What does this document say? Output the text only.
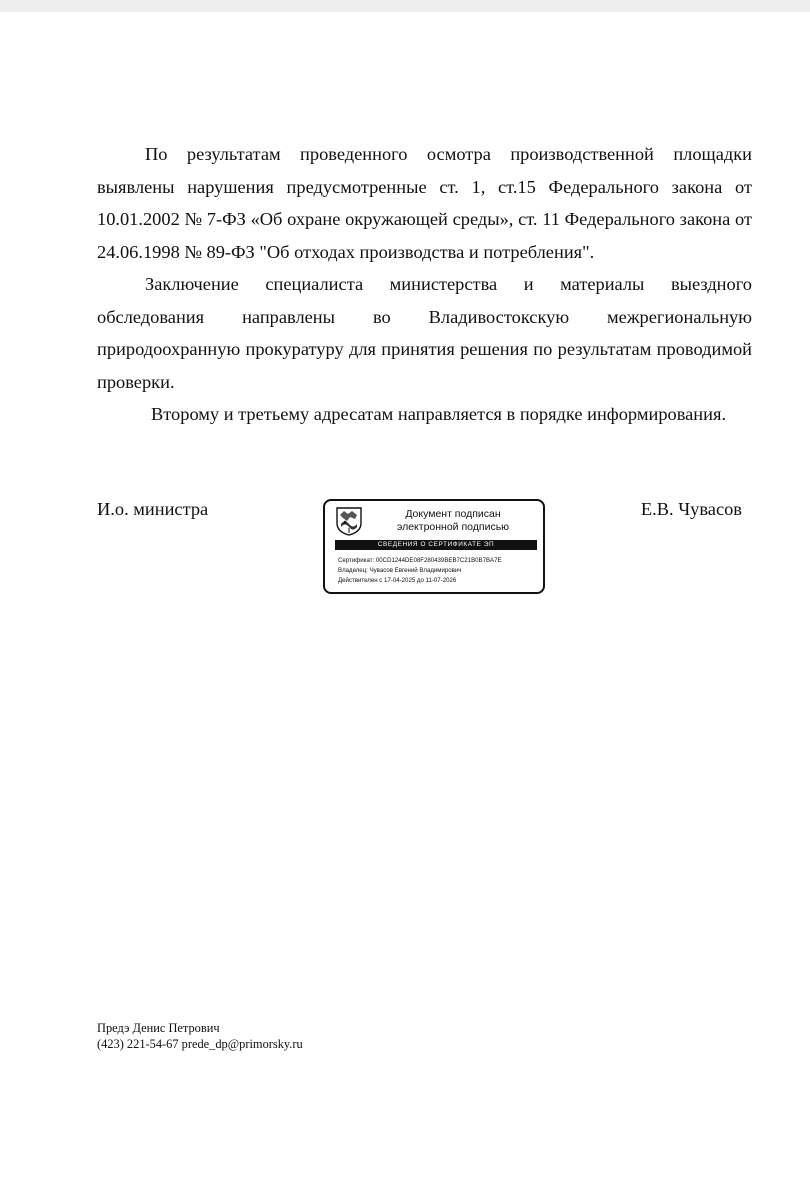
По результатам проведенного осмотра производственной площадки выявлены нарушения предусмотренные ст. 1, ст.15 Федерального закона от 10.01.2002 № 7-ФЗ «Об охране окружающей среды», ст. 11 Федерального закона от 24.06.1998 № 89-ФЗ "Об отходах производства и потребления".

Заключение специалиста министерства и материалы выездного обследования направлены во Владивостокскую межрегиональную природоохранную прокуратуру для принятия решения по результатам проводимой проверки.

Второму и третьему адресатам направляется в порядке информирования.

И.о. министра	Документ подписан
электронной подписью
СВЕДЕНИЯ О СЕРТИФИКАТЕ ЭП
Сертификат: 00CD1244DE08F280439BEB7C21B0B7BA7E
Владелец: Чувасов Евгений Владимирович
Действителен с 17-04-2025 до 11-07-2026
Е.В. Чувасов
Предэ Денис Петрович
(423) 221-54-67 prede_dp@primorsky.ru
